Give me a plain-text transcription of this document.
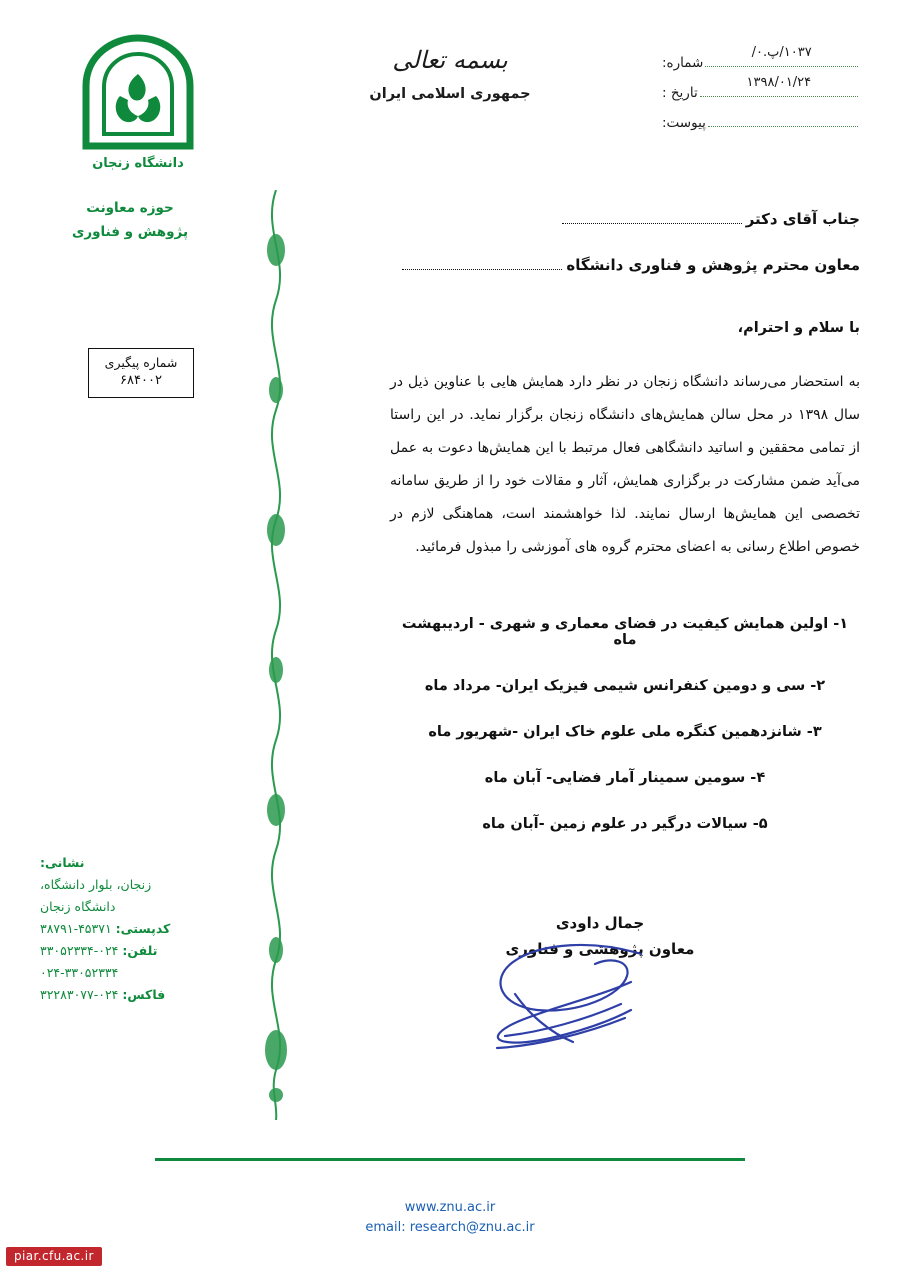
شماره:
۱۰۳۷/پ.۰/
تاریخ :
۱۳۹۸/۰۱/۲۴
پیوست:
بسمه تعالی
جمهوری اسلامی ایران
دانشگاه زنجان
حوزه معاونت
پژوهش و فناوری
شماره پیگیری
۶۸۴۰۰۲
جناب آقای دکتر
معاون محترم پژوهش و فناوری دانشگاه
با سلام و احترام،
به استحضار می‌رساند دانشگاه زنجان در نظر دارد همایش هایی با عناوین ذیل در سال ۱۳۹۸ در محل سالن همایش‌های دانشگاه زنجان برگزار نماید. در این راستا از تمامی محققین و اساتید دانشگاهی فعال مرتبط با این همایش‌ها دعوت به عمل می‌آید ضمن مشارکت در برگزاری همایش، آثار و مقالات خود را از طریق سامانه تخصصی این همایش‌ها ارسال نمایند. لذا خواهشمند است، هماهنگی لازم در خصوص اطلاع رسانی به اعضای محترم گروه های آموزشی را مبذول فرمائید.
۱- اولین همایش کیفیت در فضای معماری و شهری - اردیبهشت ماه
۲- سی و دومین کنفرانس شیمی فیزیک ایران- مرداد ماه
۳- شانزدهمین کنگره ملی علوم خاک ایران -شهریور ماه
۴- سومین سمینار آمار فضایی- آبان ماه
۵- سیالات درگیر در علوم زمین -آبان ماه
جمال داودی
معاون پژوهشی و فناوری
نشانی:
زنجان، بلوار دانشگاه،
دانشگاه زنجان
کدپستی: ۴۵۳۷۱-۳۸۷۹۱
تلفن: ۰۲۴-۳۳۰۵۲۳۳۴
۰۲۴-۳۳۰۵۲۳۳۴
فاکس: ۰۲۴-۳۲۲۸۳۰۷۷
www.znu.ac.ir
email: research@znu.ac.ir
piar.cfu.ac.ir
